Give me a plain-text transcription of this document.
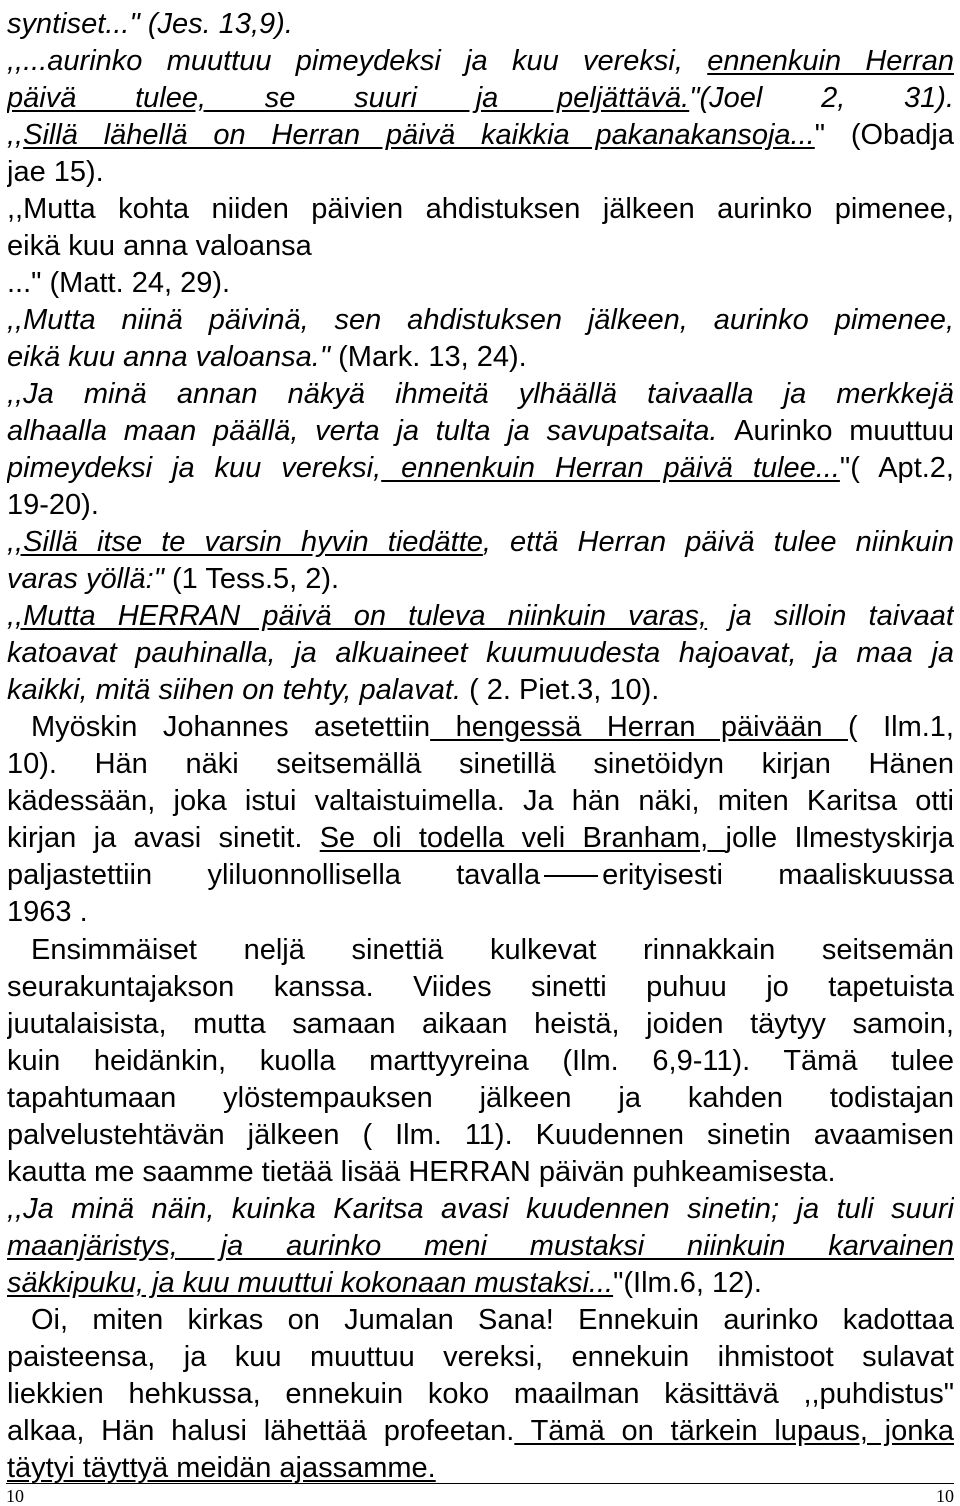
syntiset..." (Jes. 13,9).
,,...aurinko muuttuu pimeydeksi ja kuu vereksi, ennenkuin Herran
päivä tulee, se suuri ja peljättävä."(Joel 2, 31).
,,Sillä lähellä on Herran päivä kaikkia pakanakansoja..." (Obadja
jae 15).
,,Mutta kohta niiden päivien ahdistuksen jälkeen aurinko pimenee,
eikä kuu anna valoansa
..." (Matt. 24, 29).
,,Mutta niinä päivinä, sen ahdistuksen jälkeen, aurinko pimenee,
eikä kuu anna valoansa." (Mark. 13, 24).
,,Ja minä annan näkyä ihmeitä ylhäällä taivaalla ja merkkejä
alhaalla maan päällä, verta ja tulta ja savupatsaita. Aurinko muuttuu
pimeydeksi ja kuu vereksi, ennenkuin Herran päivä tulee..."( Apt.2,
19-20).
,,Sillä itse te varsin hyvin tiedätte, että Herran päivä tulee niinkuin
varas yöllä:" (1 Tess.5, 2).
,,Mutta HERRAN päivä on tuleva niinkuin varas, ja silloin taivaat
katoavat pauhinalla, ja alkuaineet kuumuudesta hajoavat, ja maa ja
kaikki, mitä siihen on tehty, palavat. ( 2. Piet.3, 10).
Myöskin Johannes asetettiin hengessä Herran päivään ( Ilm.1,
10). Hän näki seitsemällä sinetillä sinetöidyn kirjan Hänen
kädessään, joka istui valtaistuimella. Ja hän näki, miten Karitsa otti
kirjan ja avasi sinetit. Se oli todella veli Branham, jolle Ilmestyskirja
paljastettiin yliluonnollisella tavalla erityisesti maaliskuussa
1963 .
Ensimmäiset neljä sinettiä kulkevat rinnakkain seitsemän
seurakuntajakson kanssa. Viides sinetti puhuu jo tapetuista
juutalaisista, mutta samaan aikaan heistä, joiden täytyy samoin,
kuin heidänkin, kuolla marttyyreina (Ilm. 6,9-11). Tämä tulee
tapahtumaan ylöstempauksen jälkeen ja kahden todistajan
palvelustehtävän jälkeen ( Ilm. 11). Kuudennen sinetin avaamisen
kautta me saamme tietää lisää HERRAN päivän puhkeamisesta.
,,Ja minä näin, kuinka Karitsa avasi kuudennen sinetin; ja tuli suuri
maanjäristys, ja aurinko meni mustaksi niinkuin karvainen
säkkipuku, ja kuu muuttui kokonaan mustaksi..."(Ilm.6, 12).
Oi, miten kirkas on Jumalan Sana! Ennekuin aurinko kadottaa
paisteensa, ja kuu muuttuu vereksi, ennekuin ihmistoot sulavat
liekkien hehkussa, ennekuin koko maailman käsittävä ,,puhdistus"
alkaa, Hän halusi lähettää profeetan. Tämä on tärkein lupaus, jonka
täytyi täyttyä meidän ajassamme.
10	10
